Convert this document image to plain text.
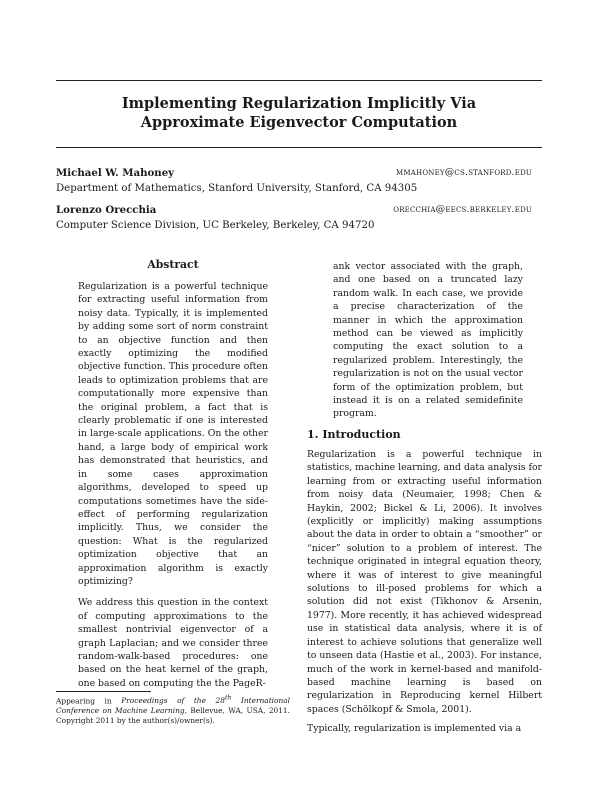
Implementing Regularization Implicitly Via
Approximate Eigenvector Computation
Michael W. Mahoney	mmahoney@cs.stanford.edu
Department of Mathematics, Stanford University, Stanford, CA 94305
Lorenzo Orecchia	orecchia@eecs.berkeley.edu
Computer Science Division, UC Berkeley, Berkeley, CA 94720
Abstract

Regularization is a powerful technique for extracting useful information from noisy data. Typically, it is implemented by adding some sort of norm constraint to an objective function and then exactly optimizing the modified objective function. This procedure often leads to optimization problems that are computationally more expensive than the original problem, a fact that is clearly problematic if one is interested in large-scale applications. On the other hand, a large body of empirical work has demonstrated that heuristics, and in some cases approximation algorithms, developed to speed up computations sometimes have the side-effect of performing regularization implicitly. Thus, we consider the question: What is the regularized optimization objective that an approximation algorithm is exactly optimizing?

We address this question in the context of computing approximations to the smallest nontrivial eigenvector of a graph Laplacian; and we consider three random-walk-based procedures: one based on the heat kernel of the graph, one based on computing the the PageR-

ank vector associated with the graph, and one based on a truncated lazy random walk. In each case, we provide a precise characterization of the manner in which the approximation method can be viewed as implicitly computing the exact solution to a regularized problem. Interestingly, the regularization is not on the usual vector form of the optimization problem, but instead it is on a related semidefinite program.

1. Introduction

Regularization is a powerful technique in statistics, machine learning, and data analysis for learning from or extracting useful information from noisy data (Neumaier, 1998; Chen & Haykin, 2002; Bickel & Li, 2006). It involves (explicitly or implicitly) making assumptions about the data in order to obtain a “smoother” or “nicer” solution to a problem of interest. The technique originated in integral equation theory, where it was of interest to give meaningful solutions to ill-posed problems for which a solution did not exist (Tikhonov & Arsenin, 1977). More recently, it has achieved widespread use in statistical data analysis, where it is of interest to achieve solutions that generalize well to unseen data (Hastie et al., 2003). For instance, much of the work in kernel-based and manifold-based machine learning is based on regularization in Reproducing kernel Hilbert spaces (Schölkopf & Smola, 2001).

Typically, regularization is implemented via a

Appearing in Proceedings of the 28th International Conference on Machine Learning, Bellevue, WA, USA, 2011. Copyright 2011 by the author(s)/owner(s).
